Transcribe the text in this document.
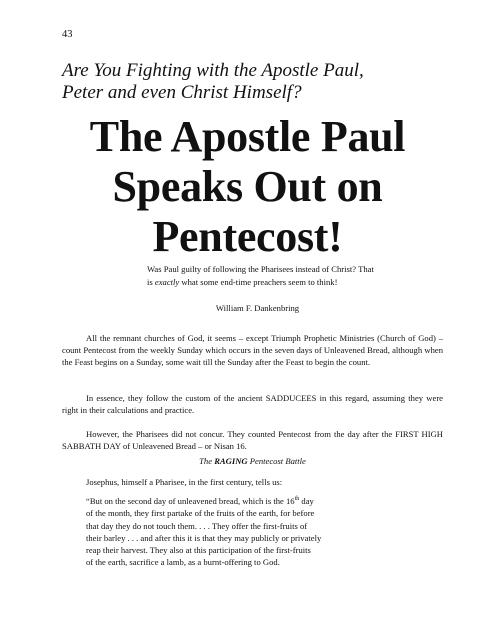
43
Are You Fighting with the Apostle Paul,
Peter and even Christ Himself?
The Apostle Paul
Speaks Out on
Pentecost!
Was Paul guilty of following the Pharisees instead of Christ? That is exactly what some end-time preachers seem to think!
William F. Dankenbring

All the remnant churches of God, it seems – except Triumph Prophetic Ministries (Church of God) – count Pentecost from the weekly Sunday which occurs in the seven days of Unleavened Bread, although when the Feast begins on a Sunday, some wait till the Sunday after the Feast to begin the count.

In essence, they follow the custom of the ancient SADDUCEES in this regard, assuming they were right in their calculations and practice.

However, the Pharisees did not concur. They counted Pentecost from the day after the FIRST HIGH SABBATH DAY of Unleavened Bread – or Nisan 16.

The RAGING Pentecost Battle
Josephus, himself a Pharisee, in the first century, tells us:
“But on the second day of unleavened bread, which is the 16th day
of the month, they first partake of the fruits of the earth, for before
that day they do not touch them. . . . They offer the first-fruits of
their barley . . . and after this it is that they may publicly or privately
reap their harvest. They also at this participation of the first-fruits
of the earth, sacrifice a lamb, as a burnt-offering to God.
